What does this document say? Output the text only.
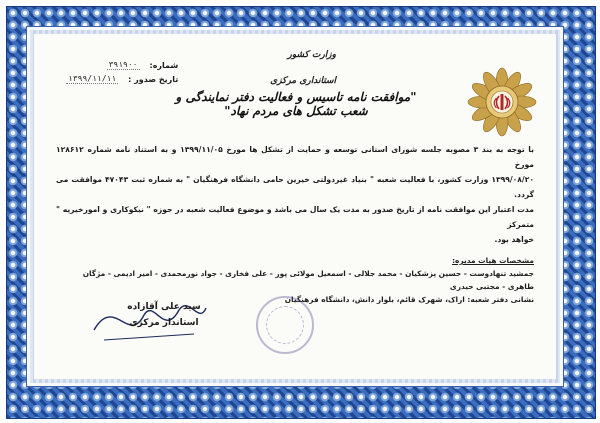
وزارت کشور
استانداری مرکزی
"موافقت نامه تاسیس و فعالیت دفتر نمایندگی و شعب تشکل های مردم نهاد"
شماره:
۳۹۱۹۰۰
تاریخ صدور :
۱۳۹۹/۱۱/۱۱

با توجه به بند ۳ مصوبه جلسه شورای استانی توسعه و حمایت از تشکل ها مورخ ۱۳۹۹/۱۱/۰۵ و به استناد نامه شماره ۱۲۸۶۱۲ مورخ

۱۳۹۹/۰۸/۲۰ وزارت کشور، با فعالیت شعبه " بنیاد غیردولتی خیرین حامی دانشگاه فرهنگیان " به شماره ثبت ۴۷۰۴۳ موافقت می گردد.

مدت اعتبار این موافقت نامه از تاریخ صدور به مدت یک سال می باشد و موضوع فعالیت شعبه در حوزه " نیکوکاری و امورخیریه " متمرکز

خواهد بود.

مشخصات هیات مدیره:

جمشید تنهادوست - حسین پزشکیان - محمد جلالی - اسمعیل مولائی پور - علی فخاری - جواد نورمحمدی - امیر ادیمی - مژگان طاهری - مجتبی حیدری

نشانی دفتر شعبه: اراک، شهرک قائم، بلوار دانش، دانشگاه فرهنگیان

سید علی آقازاده
استاندار مرکزی
